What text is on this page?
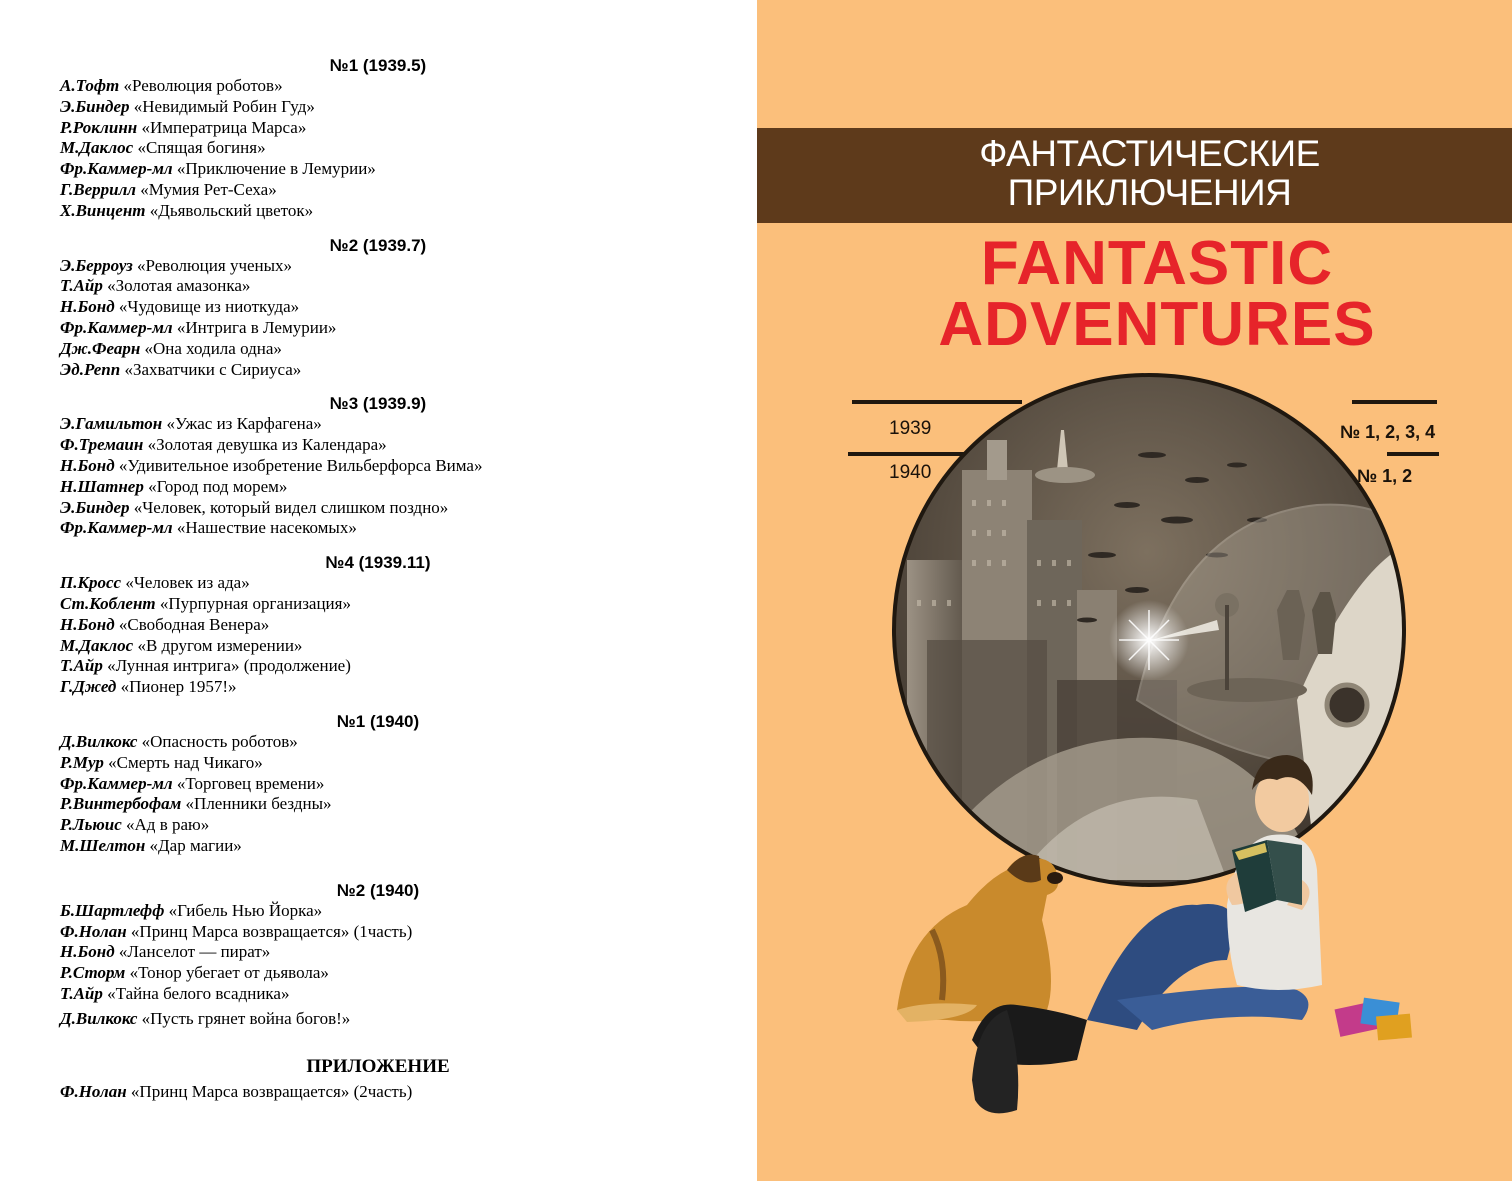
№1 (1939.5)
А.Тофт «Революция роботов»
Э.Биндер «Невидимый Робин Гуд»
Р.Роклинн «Императрица Марса»
М.Даклос «Спящая богиня»
Фр.Каммер-мл «Приключение в Лемурии»
Г.Веррилл «Мумия Рет-Сеха»
Х.Винцент «Дьявольский цветок»
№2 (1939.7)
Э.Берроуз «Революция ученых»
Т.Айр «Золотая амазонка»
Н.Бонд «Чудовище из ниоткуда»
Фр.Каммер-мл «Интрига в Лемурии»
Дж.Феарн «Она ходила одна»
Эд.Репп «Захватчики с Сириуса»
№3 (1939.9)
Э.Гамильтон «Ужас из Карфагена»
Ф.Тремаин «Золотая девушка из Календара»
Н.Бонд «Удивительное изобретение Вильберфорса Вима»
Н.Шатнер «Город под морем»
Э.Биндер «Человек, который видел слишком поздно»
Фр.Каммер-мл «Нашествие насекомых»
№4 (1939.11)
П.Кросс «Человек из ада»
Ст.Коблент «Пурпурная организация»
Н.Бонд «Свободная Венера»
М.Даклос «В другом измерении»
Т.Айр «Лунная интрига» (продолжение)
Г.Джед «Пионер 1957!»
№1 (1940)
Д.Вилкокс «Опасность роботов»
Р.Мур «Смерть над Чикаго»
Фр.Каммер-мл «Торговец времени»
Р.Винтербофам «Пленники бездны»
Р.Льюис «Ад в раю»
М.Шелтон «Дар магии»
№2 (1940)
Б.Шартлефф «Гибель Нью Йорка»
Ф.Нолан «Принц Марса возвращается» (1часть)
Н.Бонд «Ланселот — пират»
Р.Сторм «Тонор убегает от дьявола»
Т.Айр «Тайна белого всадника»
Д.Вилкокс «Пусть грянет война богов!»
ПРИЛОЖЕНИЕ
Ф.Нолан «Принц Марса возвращается» (2часть)
ФАНТАСТИЧЕСКИЕ
ПРИКЛЮЧЕНИЯ
FANTASTIC
ADVENTURES
1939
1940
№ 1, 2, 3, 4
№ 1, 2
